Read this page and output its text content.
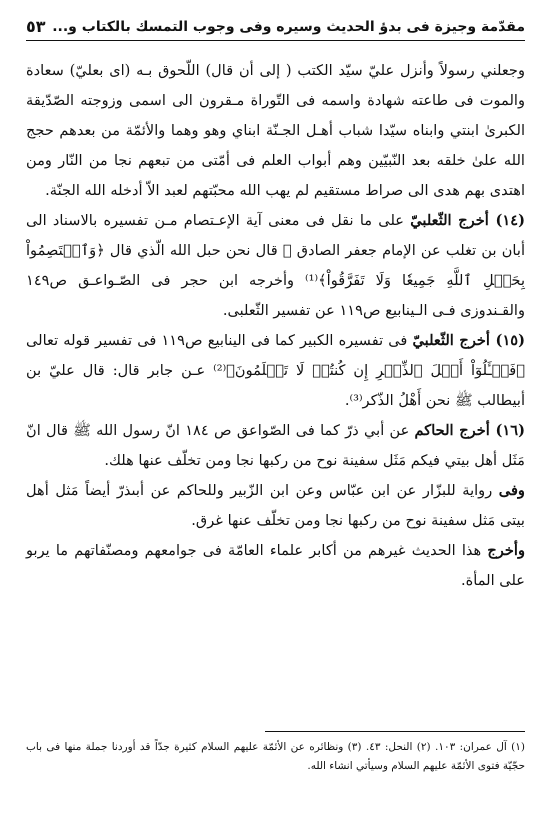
مقدّمة وجيزة فى بدؤ الحديث وسيره وفى وجوب التمسك بالكتاب و...
٥٣

وجعلني رسولاً وأنزل عليّ سيّد الكتب ( إلى أن قال) اللّحوق بـه (اى بعليّ) سعادة والموت فى طاعته شهادة واسمه فى التّوراة مـقرون الى اسمى وزوجته الصّدّيقة الكبرىٰ ابنتي وابناه سيّدا شباب أهـل الجـنّة ابناي وهو وهما والأئمّة من بعدهم حجج الله علىٰ خلقه بعد النّبيّين وهم أبواب العلم فى أمّتى من تبعهم نجا من النّار ومن اهتدى بهم هدى الى صراط مستقيم لم يهب الله محبّتهم لعبد الاّ أدخله الله الجنّة.

(١٤) أخرج الثّعلبيّ على ما نقل فى معنى آية الإعـتصام مـن تفسيره بالاسناد الى أبان بن تغلب عن الإمام جعفر الصادق ﷺ قال نحن حبل الله الّذي قال ﴿وَٱعۡتَصِمُواْ بِحَبۡلِ ٱللَّهِ جَمِيعٗا وَلَا تَفَرَّقُواْ﴾⁽¹⁾ وأخرجه ابن حجر فى الصّـواعـق ص١٤٩ والقـندوزى فـى الـينابيع ص١١٩ عن تفسير الثّعلبى.

(١٥) أخرج الثّعلبيّ فى تفسيره الكبير كما فى الينابيع ص١١٩ فى تفسير قوله تعالى ﴿فَسۡـَٔلُوٓاْ أَهۡلَ ٱلذِّكۡرِ إِن كُنتُمۡ لَا تَعۡلَمُونَ﴾⁽²⁾ عـن جابر قال: قال عليّ بن أبيطالب ﷺ نحن أَهْلُ الذّكر⁽³⁾.

(١٦) أخرج الحاكم عن أبي ذرّ كما فى الصّواعق ص ١٨٤ انّ رسول الله ﷺ قال انّ مَثَل أهل بيتي فيكم مَثَل سفينة نوح من ركبها نجا ومن تخلّف عنها هلك.

وفى رواية للبزّار عن ابن عبّاس وعن ابن الزّبير وللحاكم عن أبىذرّ أيضاً مَثل أهل بيتى مَثل سفينة نوح من ركبها نجا ومن تخلّف عنها غرق.

وأخرج هذا الحديث غيرهم من أكابر علماء العامّة فى جوامعهم ومصنّفاتهم ما يربو على المأة.

(١) آل عمران: ١٠٣. (٢) النحل: ٤٣. (٣) ونظائره عن الأئمّة عليهم السلام كثيرة جدّاً قد أوردنا جملة منها فى باب حجّيّة فتوى الأئمّة عليهم السلام وسيأتي انشاء الله.
